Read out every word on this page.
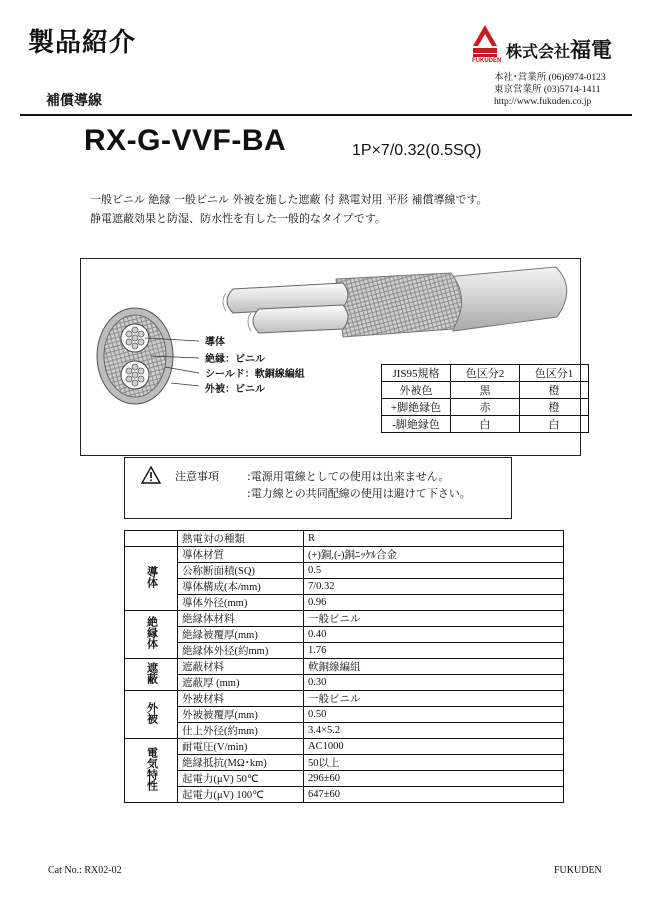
製品紹介
FUKUDEN 株式会社福電
本社･営業所 (06)6974-0123
東京営業所 (03)5714-1411
http://www.fukuden.co.jp
補償導線
RX-G-VVF-BA	1P×7/0.32(0.5SQ)
一般ビニル 絶縁 一般ビニル 外被を施した遮蔽 付 熱電対用 平形 補償導線です。
静電遮蔽効果と防湿、防水性を有した一般的なタイプです。
導体
絶縁：ビニル
シールド：軟銅線編組
外被：ビニル
JIS95規格	色区分2	色区分1
外被色	黒	橙
+脚絶縁色	赤	橙
-脚絶縁色	白	白
注意事項	:電源用電線としての使用は出来ません。
:電力線との共同配線の使用は避けて下さい。
	熱電対の種類	R
導体	導体材質	(+)銅,(-)銅ﾆｯｹﾙ合金
	公称断面積(SQ)	0.5
	導体構成(本/mm)	7/0.32
	導体外径(mm)	0.96
絶縁体	絶縁体材料	一般ビニル
	絶縁被覆厚(mm)	0.40
	絶縁体外径(約mm)	1.76
遮蔽	遮蔽材料	軟銅線編組
	遮蔽厚 (mm)	0.30
外被	外被材料	一般ビニル
	外被被覆厚(mm)	0.50
	仕上外径(約mm)	3.4×5.2
電気特性	耐電圧(V/min)	AC1000
	絶縁抵抗(MΩ･km)	50以上
	起電力(μV) 50℃	296±60
	起電力(μV) 100℃	647±60
Cat No.: RX02-02	FUKUDEN
